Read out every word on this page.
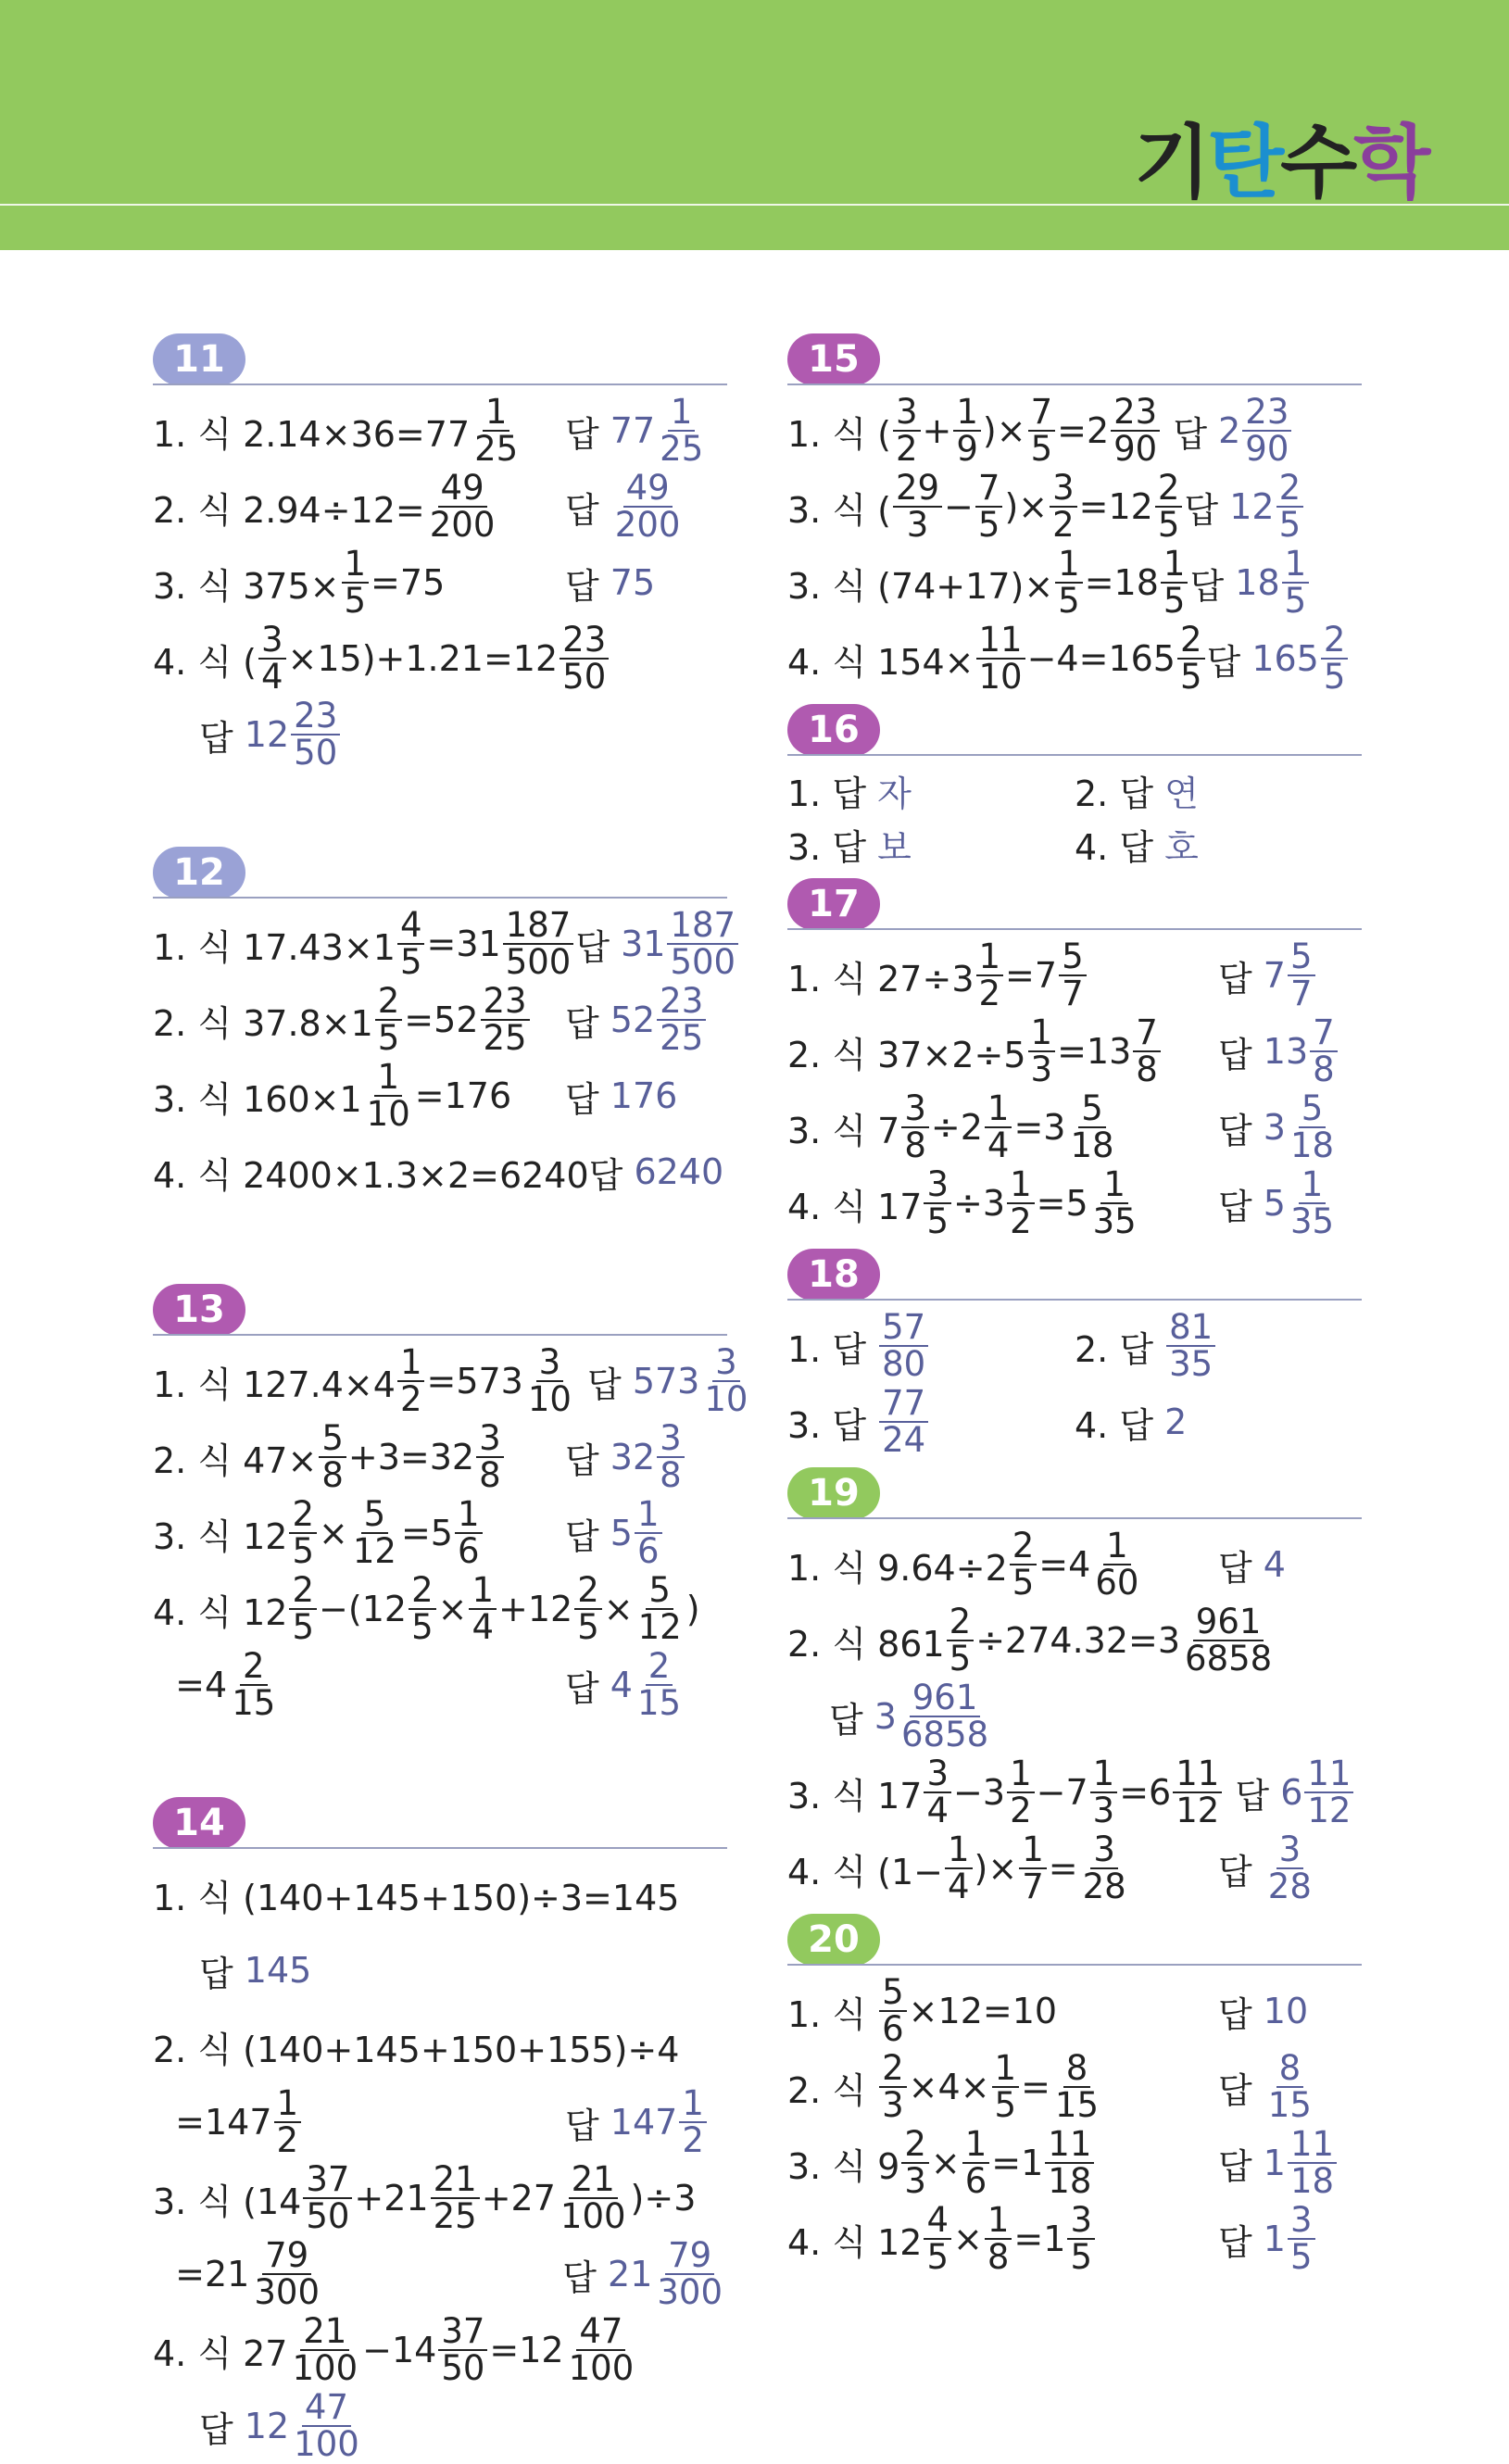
기 탄 수 학
11
1. 식 $2.14\times 36=77 \frac{1}{25}$ 답 $77 \frac{1}{25}$
2. 식 $2.94\div 12= \frac{49}{200}$ 답 $\frac{49}{200}$
3. 식 $375\times \frac{1}{5} =75$	답 75
4. 식 ( $\frac{3}{4} \times 15)+1.21=12 \frac{23}{50}$
답 $12 \frac{23}{50}$
12
1. 식 $17.43\times 1 \frac{4}{5} =31 \frac{187}{500}$ 답 $31 \frac{187}{500}$
2. 식 $37.8\times 1 \frac{2}{5} =52 \frac{23}{25}$ 답 $52 \frac{23}{25}$
3. 식 $160\times 1 \frac{1}{10} =176$ 답 176
4. 식 2400×1.3×2=6240답 6240
13
1. 식 $127.4\times 4 \frac{1}{2} =573 \frac{3}{10}$ 답 $573 \frac{3}{10}$
2. 식 $47\times \frac{5}{8} +3=32 \frac{3}{8}$ 답 $32 \frac{3}{8}$
3. 식 $12 \frac{2}{5} \times \frac{5}{12} =5 \frac{1}{6}$ 답 $5 \frac{1}{6}$
4. 식 $12 \frac{2}{5} -(12 \frac{2}{5} \times \frac{1}{4} +12 \frac{2}{5} \times \frac{5}{12}$ )
$=4 \frac{2}{15}$	답 $4 \frac{2}{15}$
14
1. 식 (140+145+150)÷3=145
답 145
2. 식 (140+145+150+155)÷4
$=147 \frac{1}{2}$	답 $147 \frac{1}{2}$
3. 식 $(14 \frac{37}{50} +21 \frac{21}{25} +27 \frac{21}{100} )\div 3$
$=21 \frac{79}{300}$	답 $21 \frac{79}{300}$
4. 식 $27 \frac{21}{100} -14 \frac{37}{50} =12 \frac{47}{100}$
답 $12 \frac{47}{100}$
15
1. 식 ( $\frac{3}{2} + \frac{1}{9}$ )× $\frac{7}{5} =2 \frac{23}{90}$ 답 $2 \frac{23}{90}$
3. 식 ( $\frac{29}{3} - \frac{7}{5}$ )× $\frac{3}{2} =12 \frac{2}{5}$ 답 $12 \frac{2}{5}$
3. 식 $(74+17)\times \frac{1}{5} =18 \frac{1}{5}$ 답 $18 \frac{1}{5}$
4. 식 $154\times \frac{11}{10} -4=165 \frac{2}{5}$ 답 $165 \frac{2}{5}$
16
1. 답 자	2. 답 연
3. 답 보	4. 답 호
17
1. 식 $27\div 3 \frac{1}{2} =7 \frac{5}{7}$	답 $7 \frac{5}{7}$
2. 식 $37\times 2\div 5 \frac{1}{3} =13 \frac{7}{8}$ 답 $13 \frac{7}{8}$
3. 식 $7 \frac{3}{8} \div 2 \frac{1}{4} =3 \frac{5}{18}$	답 $3 \frac{5}{18}$
4. 식 $17 \frac{3}{5} \div 3 \frac{1}{2} =5 \frac{1}{35}$ 답 $5 \frac{1}{35}$
18
1. 답 $\frac{57}{80}$	2. 답 $\frac{81}{35}$
3. 답 $\frac{77}{24}$	4. 답 2
19
1. 식 $9.64\div 2 \frac{2}{5} =4 \frac{1}{60}$ 답 4
2. 식 $861 \frac{2}{5} \div 274.32=3 \frac{961}{6858}$
답 $3 \frac{961}{6858}$
3. 식 $17 \frac{3}{4} -3 \frac{1}{2} -7 \frac{1}{3} =6 \frac{11}{12}$ 답 $6 \frac{11}{12}$
4. 식 ($1- \frac{1}{4}$ )× $\frac{1}{7} = \frac{3}{28}$	답 $\frac{3}{28}$
20
1. 식 $\frac{5}{6} \times 12=10$	답 10
2. 식 $\frac{2}{3} \times 4\times \frac{1}{5} = \frac{8}{15}$	답 $\frac{8}{15}$
3. 식 $9 \frac{2}{3} \times \frac{1}{6} =1 \frac{11}{18}$	답 $1 \frac{11}{18}$
4. 식 $12 \frac{4}{5} \times \frac{1}{8} =1 \frac{3}{5}$	답 $1 \frac{3}{5}$
